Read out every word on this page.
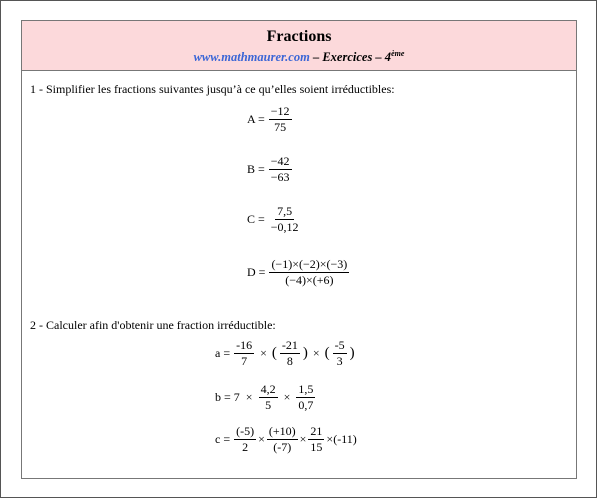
Fractions
www.mathmaurer.com – Exercices – 4ème
1 - Simplifier les fractions suivantes jusqu’à ce qu’elles soient irréductibles:
$A = \frac{-12}{75}$
$B = \frac{-42}{-63}$
$C = \frac{7,5}{-0,12}$
$D = \frac{(-1)\times(-2)\times(-3)}{(-4)\times(+6)}$
2 - Calculer afin d'obtenir une fraction irréductible:
$a = \frac{-16}{7}$ × ( $\frac{-21}{8}$ ) × ( $\frac{-5}{3}$ )
$b = 7 \times \frac{4,2}{5} \times \frac{1,5}{0,7}$
$c = \frac{(-5)}{2} \times \frac{(+10)}{(-7)} \times \frac{21}{15} \times (-11)$
